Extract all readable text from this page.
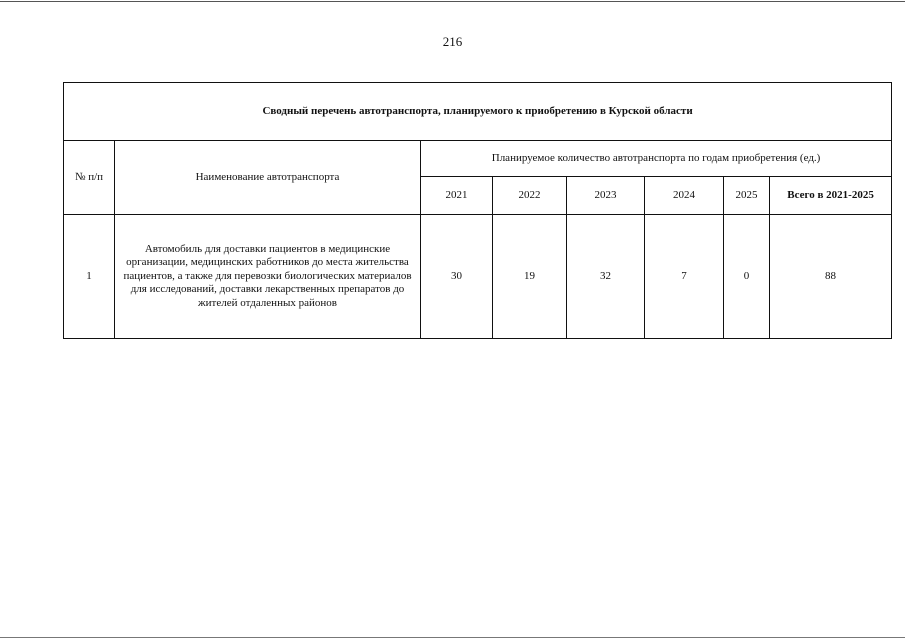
216
Сводный перечень автотранспорта, планируемого к приобретению в Курской области							
№ п/п	Наименование автотранспорта	Планируемое количество автотранспорта по годам приобретения (ед.)					
		2021	2022	2023	2024	2025	Всего в 2021-2025
1	Автомобиль для доставки пациентов в медицинские организации, медицинских работников до места жительства пациентов, а также для перевозки биологических материалов для исследований, доставки лекарственных препаратов до жителей отдаленных районов	30	19	32	7	0	88
